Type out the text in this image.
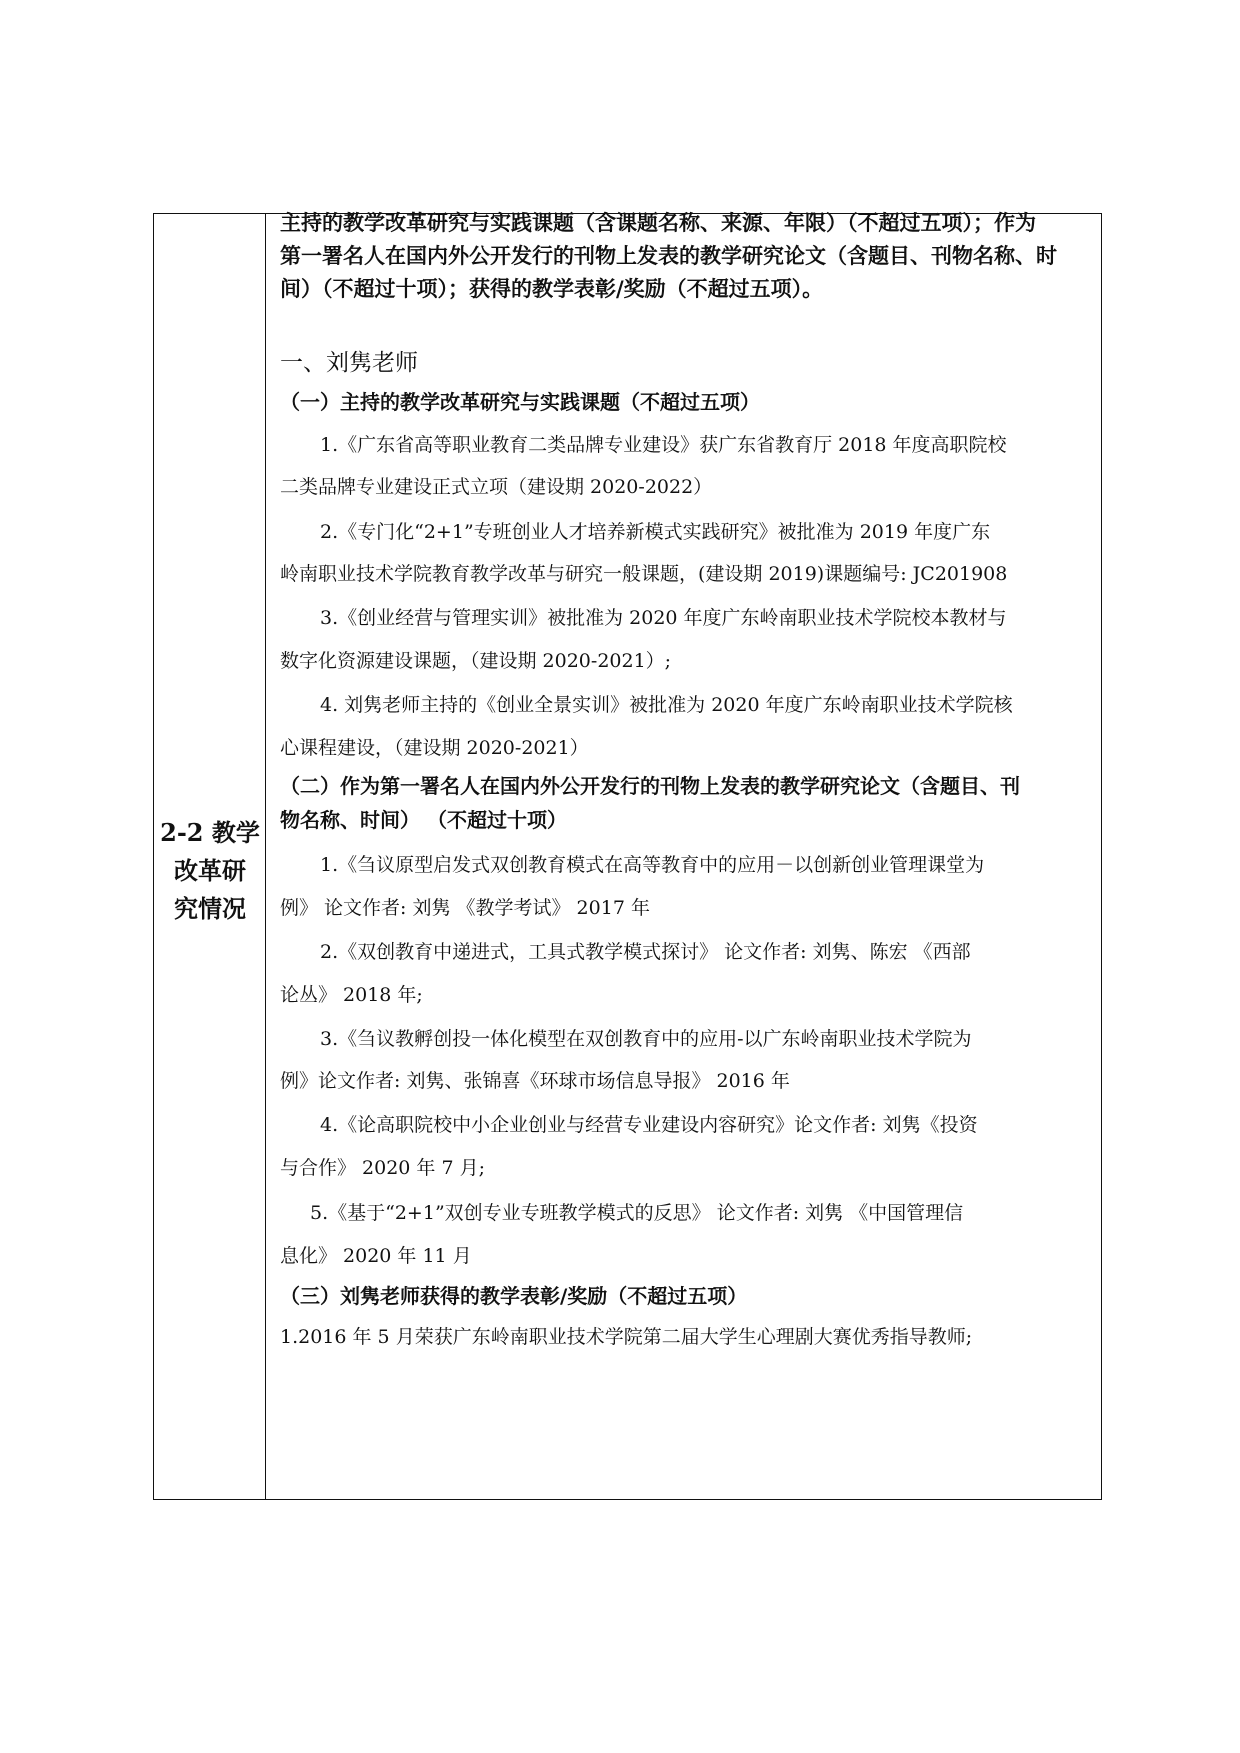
2-2 教学
改革研
究情况
主持的教学改革研究与实践课题（含课题名称、来源、年限）（不超过五项）；作为
第一署名人在国内外公开发行的刊物上发表的教学研究论文（含题目、刊物名称、时
间）（不超过十项）；获得的教学表彰/奖励（不超过五项）。
一、刘隽老师
（一）主持的教学改革研究与实践课题（不超过五项）
1.《广东省高等职业教育二类品牌专业建设》获广东省教育厅 2018 年度高职院校
二类品牌专业建设正式立项（建设期 2020-2022）
2.《专门化“2+1”专班创业人才培养新模式实践研究》被批准为 2019 年度广东
岭南职业技术学院教育教学改革与研究一般课题，(建设期 2019)课题编号: JC201908
3.《创业经营与管理实训》被批准为 2020 年度广东岭南职业技术学院校本教材与
数字化资源建设课题，（建设期 2020-2021）;
4. 刘隽老师主持的《创业全景实训》被批准为 2020 年度广东岭南职业技术学院核
心课程建设，（建设期 2020-2021）
（二）作为第一署名人在国内外公开发行的刊物上发表的教学研究论文（含题目、刊
物名称、时间） （不超过十项）
1.《刍议原型启发式双创教育模式在高等教育中的应用－以创新创业管理课堂为
例》 论文作者: 刘隽 《教学考试》 2017 年
2.《双创教育中递进式，工具式教学模式探讨》 论文作者: 刘隽、陈宏 《西部
论丛》 2018 年;
3.《刍议教孵创投一体化模型在双创教育中的应用-以广东岭南职业技术学院为
例》论文作者: 刘隽、张锦喜《环球市场信息导报》 2016 年
4.《论高职院校中小企业创业与经营专业建设内容研究》论文作者: 刘隽《投资
与合作》 2020 年 7 月;
5.《基于“2+1”双创专业专班教学模式的反思》 论文作者: 刘隽 《中国管理信
息化》 2020 年 11 月
（三）刘隽老师获得的教学表彰/奖励（不超过五项）
1.2016 年 5 月荣获广东岭南职业技术学院第二届大学生心理剧大赛优秀指导教师;
